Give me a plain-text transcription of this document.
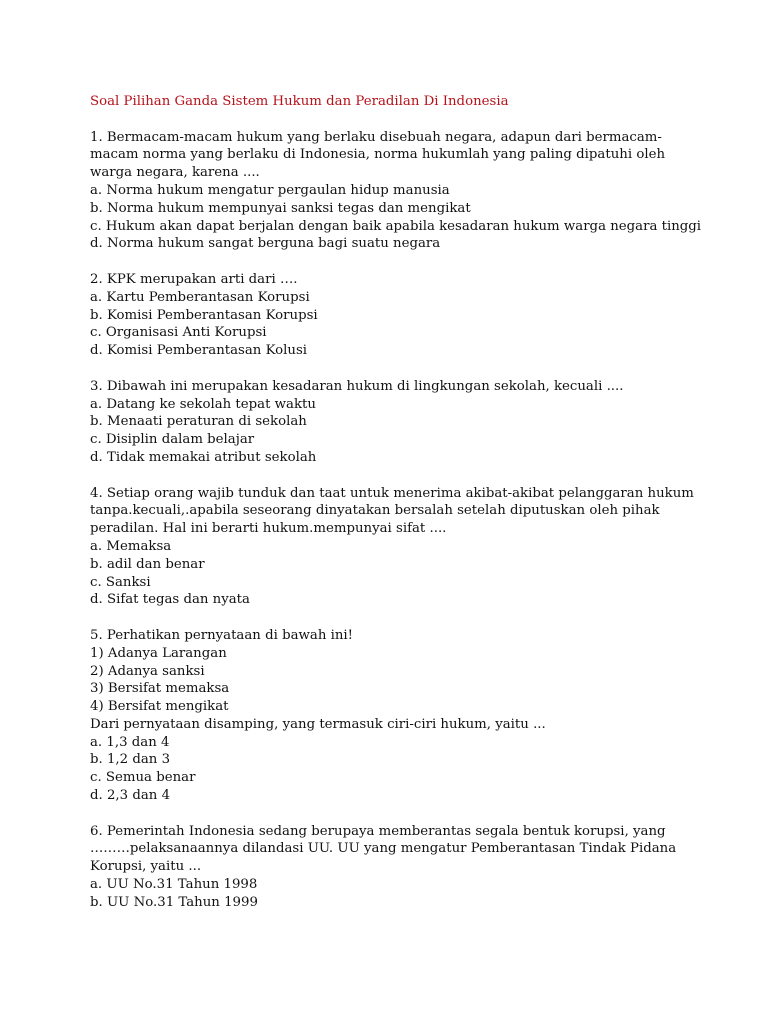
Soal Pilihan Ganda Sistem Hukum dan Peradilan Di Indonesia
1. Bermacam-macam hukum yang berlaku disebuah negara, adapun dari bermacam-
macam norma yang berlaku di Indonesia, norma hukumlah yang paling dipatuhi oleh
warga negara, karena ....
a. Norma hukum mengatur pergaulan hidup manusia
b. Norma hukum mempunyai sanksi tegas dan mengikat
c. Hukum akan dapat berjalan dengan baik apabila kesadaran hukum warga negara tinggi
d. Norma hukum sangat berguna bagi suatu negara
2. KPK merupakan arti dari ….
a. Kartu Pemberantasan Korupsi
b. Komisi Pemberantasan Korupsi
c. Organisasi Anti Korupsi
d. Komisi Pemberantasan Kolusi
3. Dibawah ini merupakan kesadaran hukum di lingkungan sekolah, kecuali ....
a. Datang ke sekolah tepat waktu
b. Menaati peraturan di sekolah
c. Disiplin dalam belajar
d. Tidak memakai atribut sekolah
4. Setiap orang wajib tunduk dan taat untuk menerima akibat-akibat pelanggaran hukum
tanpa.kecuali,.apabila seseorang dinyatakan bersalah setelah diputuskan oleh pihak
peradilan. Hal ini berarti hukum.mempunyai sifat ....
a. Memaksa
b. adil dan benar
c. Sanksi
d. Sifat tegas dan nyata
5. Perhatikan pernyataan di bawah ini!
1) Adanya Larangan
2) Adanya sanksi
3) Bersifat memaksa
4) Bersifat mengikat
Dari pernyataan disamping, yang termasuk ciri-ciri hukum, yaitu ...
a. 1,3 dan 4
b. 1,2 dan 3
c. Semua benar
d. 2,3 dan 4
6. Pemerintah Indonesia sedang berupaya memberantas segala bentuk korupsi, yang
………pelaksanaannya dilandasi UU. UU yang mengatur Pemberantasan Tindak Pidana
Korupsi, yaitu ...
a. UU No.31 Tahun 1998
b. UU No.31 Tahun 1999
